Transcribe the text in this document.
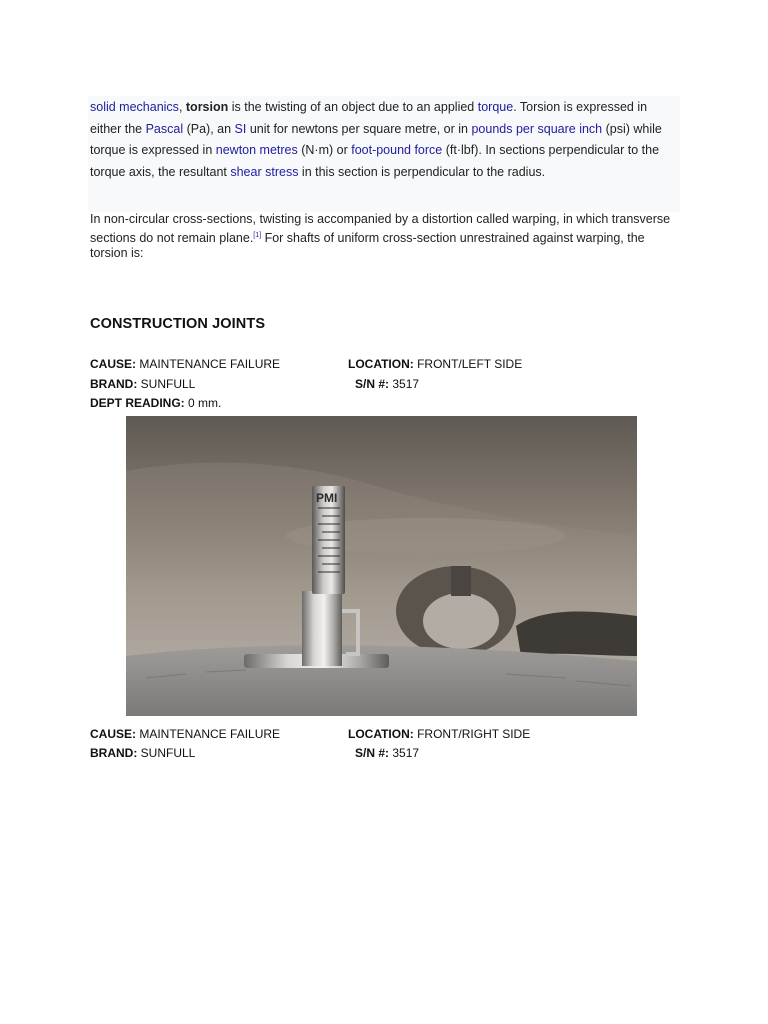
solid mechanics, torsion is the twisting of an object due to an applied torque. Torsion is expressed in either the Pascal (Pa), an SI unit for newtons per square metre, or in pounds per square inch (psi) while torque is expressed in newton metres (N·m) or foot-pound force (ft·lbf). In sections perpendicular to the torque axis, the resultant shear stress in this section is perpendicular to the radius.
In non-circular cross-sections, twisting is accompanied by a distortion called warping, in which transverse sections do not remain plane.[1] For shafts of uniform cross-section unrestrained against warping, the torsion is:
CONSTRUCTION JOINTS
CAUSE: MAINTENANCE FAILURE	LOCATION: FRONT/LEFT SIDE
BRAND: SUNFULL	S/N #: 3517
DEPT READING: 0 mm.
PMI
CAUSE: MAINTENANCE FAILURE	LOCATION: FRONT/RIGHT SIDE
BRAND: SUNFULL	S/N #: 3517
